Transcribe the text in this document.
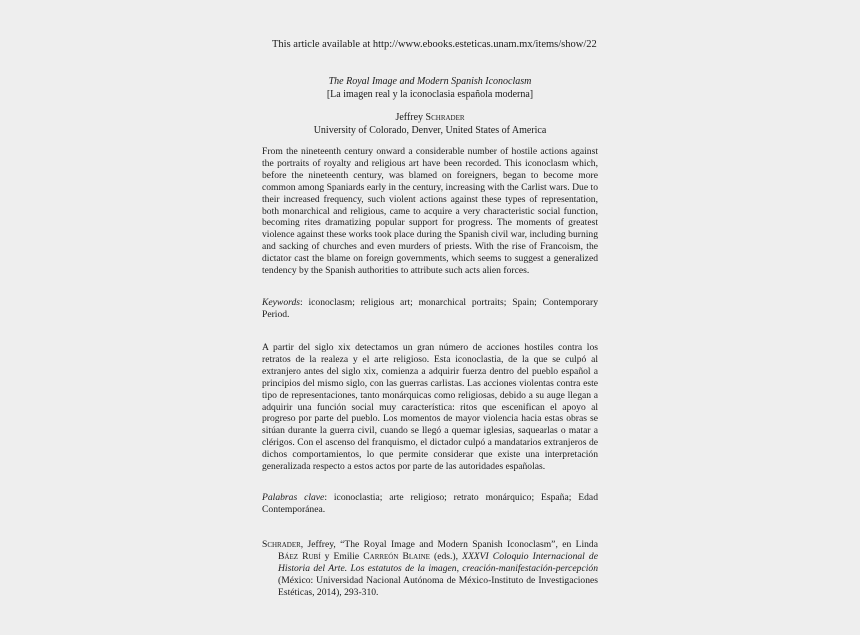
This article available at http://www.ebooks.esteticas.unam.mx/items/show/22
The Royal Image and Modern Spanish Iconoclasm
[La imagen real y la iconoclasia española moderna]
Jeffrey Schrader
University of Colorado, Denver, United States of America

From the nineteenth century onward a considerable number of hostile actions against the portraits of royalty and religious art have been recorded. This iconoclasm which, before the nineteenth century, was blamed on foreigners, began to become more common among Spaniards early in the century, increasing with the Carlist wars. Due to their increased frequency, such violent actions against these types of representation, both monarchical and religious, came to acquire a very characteristic social function, becoming rites dramatizing popular support for progress. The moments of greatest violence against these works took place during the Spanish civil war, including burning and sacking of churches and even murders of priests. With the rise of Francoism, the dictator cast the blame on foreign governments, which seems to suggest a generalized tendency by the Spanish authorities to attribute such acts alien forces.

Keywords: iconoclasm; religious art; monarchical portraits; Spain; Contemporary Period.

A partir del siglo xix detectamos un gran número de acciones hostiles contra los retratos de la realeza y el arte religioso. Esta iconoclastia, de la que se culpó al extranjero antes del siglo xix, comienza a adquirir fuerza dentro del pueblo español a principios del mismo siglo, con las guerras carlistas. Las acciones violentas contra este tipo de representaciones, tanto monárquicas como religiosas, debido a su auge llegan a adquirir una función social muy característica: ritos que escenifican el apoyo al progreso por parte del pueblo. Los momentos de mayor violencia hacia estas obras se sitúan durante la guerra civil, cuando se llegó a quemar iglesias, saquearlas o matar a clérigos. Con el ascenso del franquismo, el dictador culpó a mandatarios extranjeros de dichos comportamientos, lo que permite considerar que existe una interpretación generalizada respecto a estos actos por parte de las autoridades españolas.

Palabras clave: iconoclastia; arte religioso; retrato monárquico; España; Edad Contemporánea.

Schrader, Jeffrey, “The Royal Image and Modern Spanish Iconoclasm”, en Linda Báez Rubí y Emilie Carreón Blaine (eds.), XXXVI Coloquio Internacional de Historia del Arte. Los estatutos de la imagen, creación-manifestación-percepción (México: Universidad Nacional Autónoma de México-Instituto de Investigaciones Estéticas, 2014), 293-310.
